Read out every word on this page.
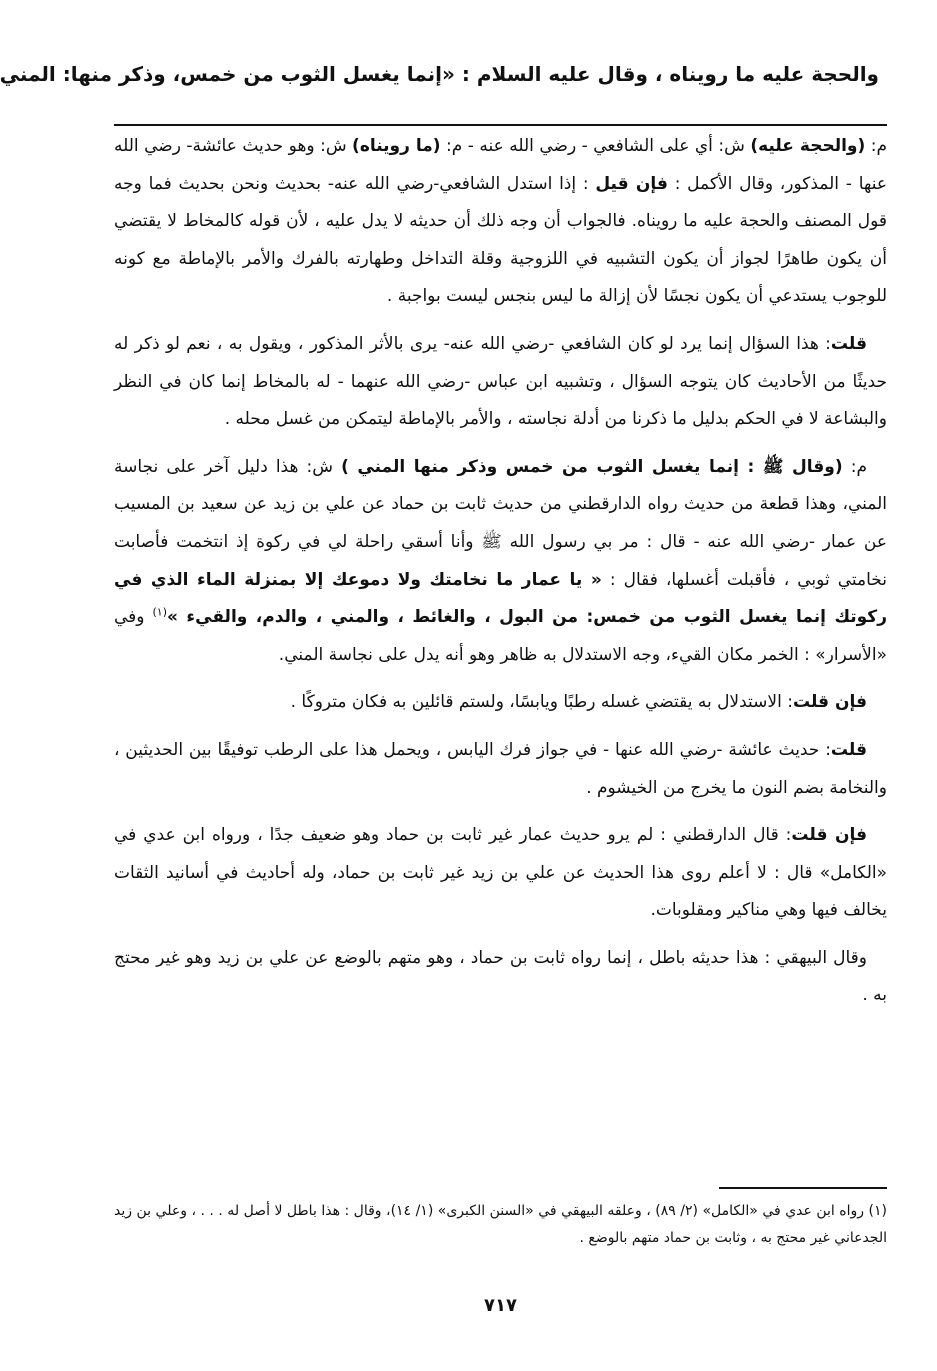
والحجة عليه ما رويناه ، وقال عليه السلام : «إنما يغسل الثوب من خمس، وذكر منها: المني

م: (والحجة عليه) ش: أي على الشافعي - رضي الله عنه - م: (ما رويناه) ش: وهو حديث عائشة- رضي الله عنها - المذكور، وقال الأكمل : فإن قيل : إذا استدل الشافعي-رضي الله عنه- بحديث ونحن بحديث فما وجه قول المصنف والحجة عليه ما رويناه. فالجواب أن وجه ذلك أن حديثه لا يدل عليه ، لأن قوله كالمخاط لا يقتضي أن يكون طاهرًا لجواز أن يكون التشبيه في اللزوجية وقلة التداخل وطهارته بالفرك والأمر بالإماطة مع كونه للوجوب يستدعي أن يكون نجسًا لأن إزالة ما ليس بنجس ليست بواجبة .

قلت: هذا السؤال إنما يرد لو كان الشافعي -رضي الله عنه- يرى بالأثر المذكور ، ويقول به ، نعم لو ذكر له حديثًا من الأحاديث كان يتوجه السؤال ، وتشبيه ابن عباس -رضي الله عنهما - له بالمخاط إنما كان في النظر والبشاعة لا في الحكم بدليل ما ذكرنا من أدلة نجاسته ، والأمر بالإماطة ليتمكن من غسل محله .

م: (وقال ﷺ : إنما يغسل الثوب من خمس وذكر منها المني ) ش: هذا دليل آخر على نجاسة المني، وهذا قطعة من حديث رواه الدارقطني من حديث ثابت بن حماد عن علي بن زيد عن سعيد بن المسيب عن عمار -رضي الله عنه - قال : مر بي رسول الله ﷺ وأنا أسقي راحلة لي في ركوة إذ انتخمت فأصابت نخامتي ثوبي ، فأقبلت أغسلها، فقال : « يا عمار ما نخامتك ولا دموعك إلا بمنزلة الماء الذي في ركوتك إنما يغسل الثوب من خمس: من البول ، والغائط ، والمني ، والدم، والقيء »$^{(١)}$ وفي «الأسرار» : الخمر مكان القيء، وجه الاستدلال به ظاهر وهو أنه يدل على نجاسة المني.

فإن قلت: الاستدلال به يقتضي غسله رطبًا ويابسًا، ولستم قائلين به فكان متروكًا .

قلت: حديث عائشة -رضي الله عنها - في جواز فرك اليابس ، ويحمل هذا على الرطب توفيقًا بين الحديثين ، والنخامة بضم النون ما يخرج من الخيشوم .

فإن قلت: قال الدارقطني : لم يرو حديث عمار غير ثابت بن حماد وهو ضعيف جدًا ، ورواه ابن عدي في «الكامل» قال : لا أعلم روى هذا الحديث عن علي بن زيد غير ثابت بن حماد، وله أحاديث في أسانيد الثقات يخالف فيها وهي مناكير ومقلوبات.

وقال البيهقي : هذا حديثه باطل ، إنما رواه ثابت بن حماد ، وهو متهم بالوضع عن علي بن زيد وهو غير محتج به .

(١) رواه ابن عدي في «الكامل» (٢/ ٨٩) ، وعلقه البيهقي في «السنن الكبرى» (١/ ١٤)، وقال : هذا باطل لا أصل له . . . ، وعلي بن زيد الجدعاني غير محتج به ، وثابت بن حماد متهم بالوضع .

٧١٧
